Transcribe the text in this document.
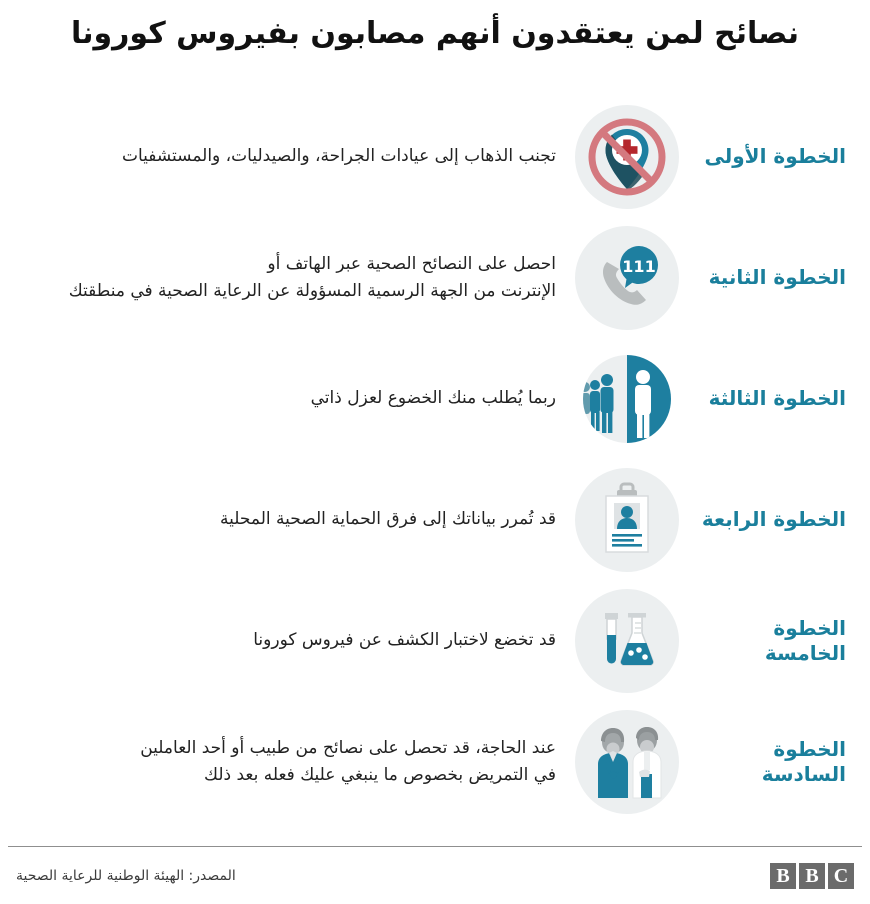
نصائح لمن يعتقدون أنهم مصابون بفيروس كورونا
الخطوة الأولى
تجنب الذهاب إلى عيادات الجراحة، والصيدليات، والمستشفيات
الخطوة الثانية
111
احصل على النصائح الصحية عبر الهاتف أو
الإنترنت من الجهة الرسمية المسؤولة عن الرعاية الصحية في منطقتك
الخطوة الثالثة
ربما يُطلب منك الخضوع لعزل ذاتي
الخطوة الرابعة
قد تُمرر بياناتك إلى فرق الحماية الصحية المحلية
الخطوة الخامسة
قد تخضع لاختبار الكشف عن فيروس كورونا
الخطوة السادسة
عند الحاجة، قد تحصل على نصائح من طبيب أو أحد العاملين
في التمريض بخصوص ما ينبغي عليك فعله بعد ذلك
المصدر: الهيئة الوطنية للرعاية الصحية	B B C
